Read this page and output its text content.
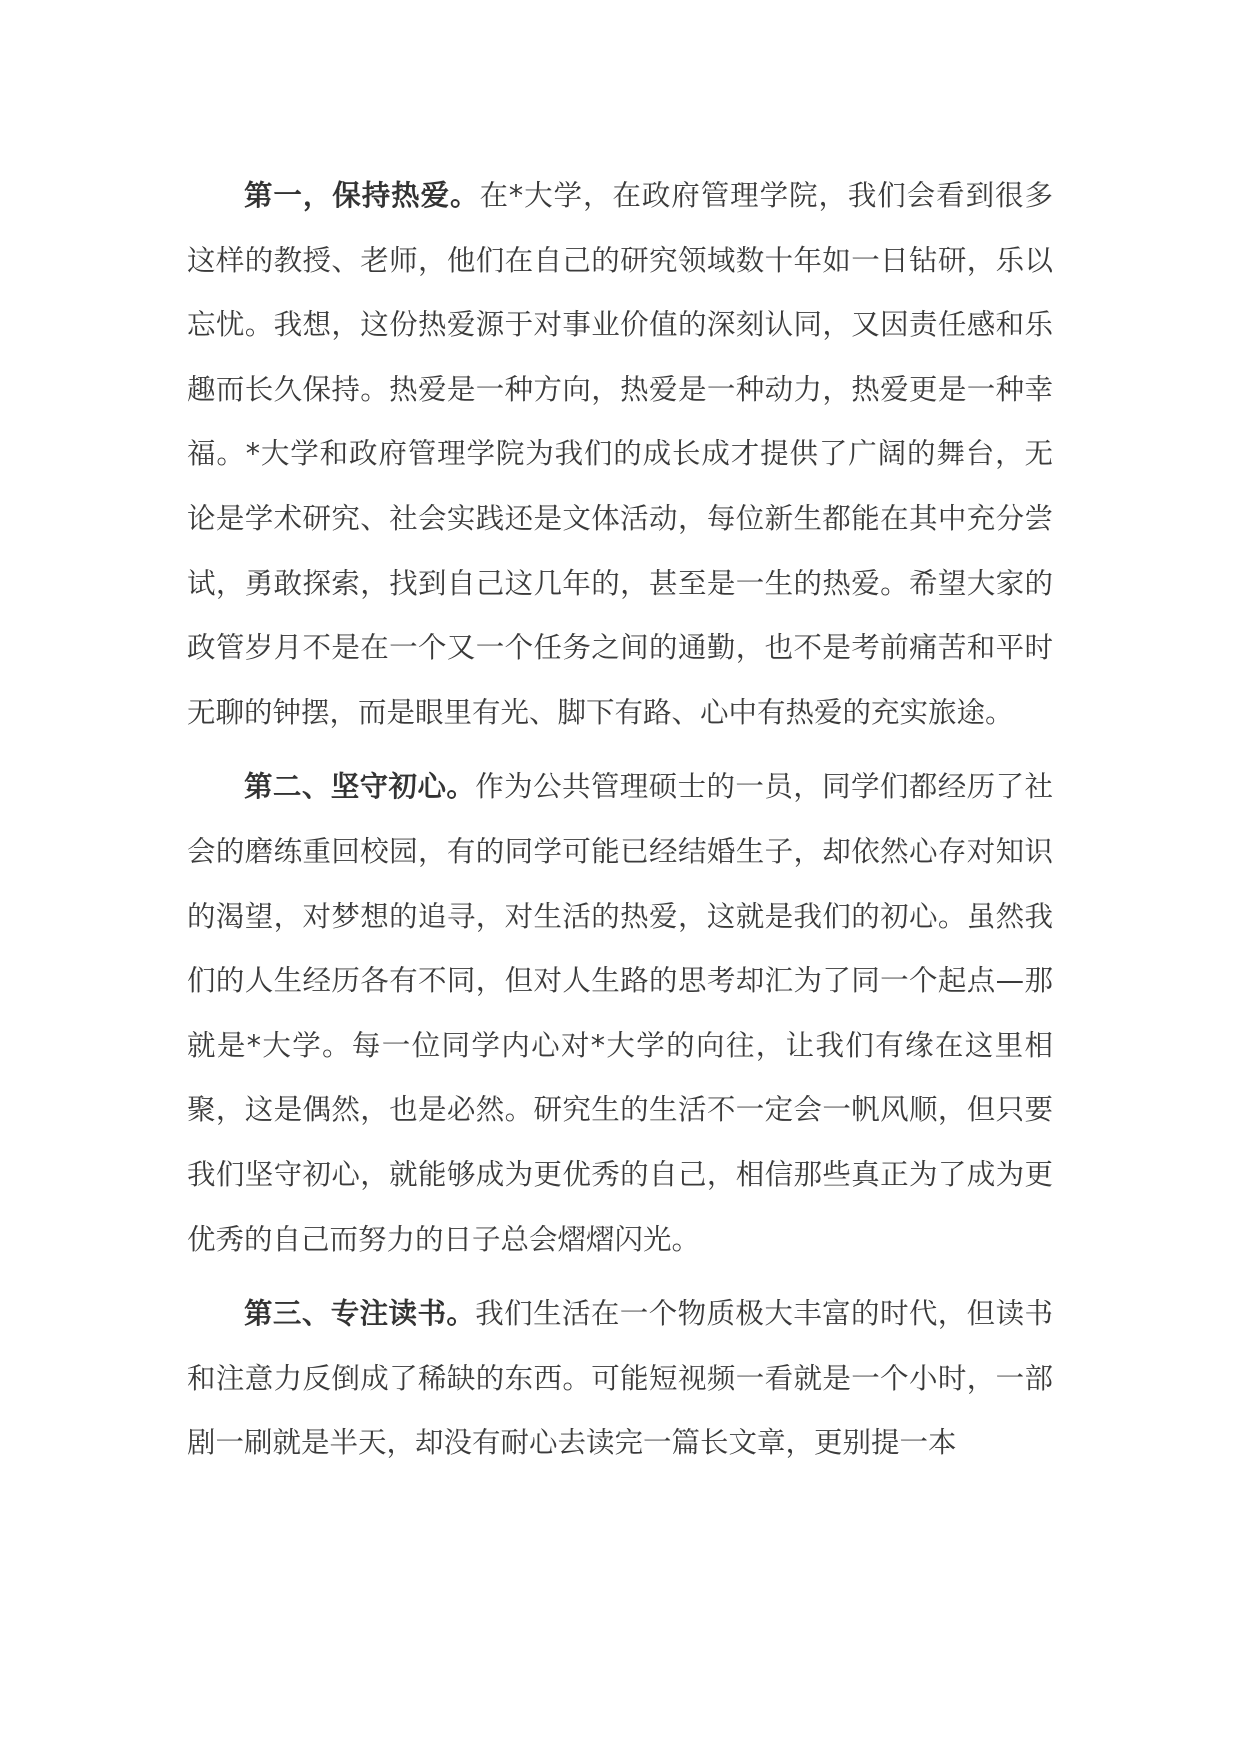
第一，保持热爱。在*大学，在政府管理学院，我们会看到很多这样的教授、老师，他们在自己的研究领域数十年如一日钻研，乐以忘忧。我想，这份热爱源于对事业价值的深刻认同，又因责任感和乐趣而长久保持。热爱是一种方向，热爱是一种动力，热爱更是一种幸福。*大学和政府管理学院为我们的成长成才提供了广阔的舞台，无论是学术研究、社会实践还是文体活动，每位新生都能在其中充分尝试，勇敢探索，找到自己这几年的，甚至是一生的热爱。希望大家的政管岁月不是在一个又一个任务之间的通勤，也不是考前痛苦和平时无聊的钟摆，而是眼里有光、脚下有路、心中有热爱的充实旅途。

第二、坚守初心。作为公共管理硕士的一员，同学们都经历了社会的磨练重回校园，有的同学可能已经结婚生子，却依然心存对知识的渴望，对梦想的追寻，对生活的热爱，这就是我们的初心。虽然我们的人生经历各有不同，但对人生路的思考却汇为了同一个起点—那就是*大学。每一位同学内心对*大学的向往，让我们有缘在这里相聚，这是偶然，也是必然。研究生的生活不一定会一帆风顺，但只要我们坚守初心，就能够成为更优秀的自己，相信那些真正为了成为更优秀的自己而努力的日子总会熠熠闪光。

第三、专注读书。我们生活在一个物质极大丰富的时代，但读书和注意力反倒成了稀缺的东西。可能短视频一看就是一个小时，一部剧一刷就是半天，却没有耐心去读完一篇长文章，更别提一本
